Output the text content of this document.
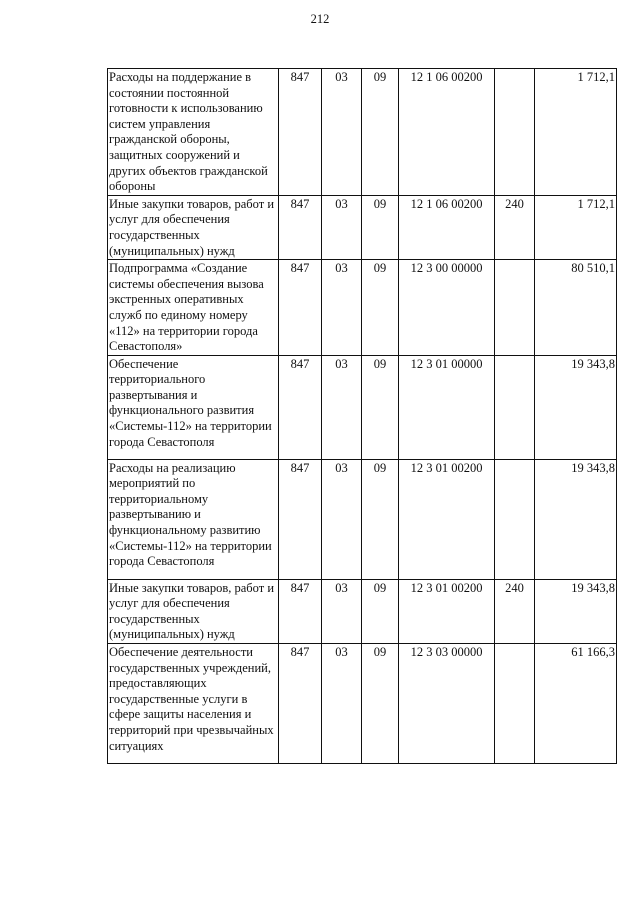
212
Расходы на поддержание в состоянии постоянной готовности к использованию систем управления гражданской обороны, защитных сооружений и других объектов гражданской обороны	847	03	09	12 1 06 00200		1 712,1

Иные закупки товаров, работ и услуг для обеспечения государственных (муниципальных) нужд	847	03	09	12 1 06 00200	240	1 712,1

Подпрограмма «Создание системы обеспечения вызова экстренных оперативных служб по единому номеру «112» на территории города Севастополя»	847	03	09	12 3 00 00000		80 510,1

Обеспечение территориального развертывания и функционального развития «Системы-112» на территории города Севастополя	847	03	09	12 3 01 00000		19 343,8

Расходы на реализацию мероприятий по территориальному развертыванию и функциональному развитию «Системы-112» на территории города Севастополя	847	03	09	12 3 01 00200		19 343,8

Иные закупки товаров, работ и услуг для обеспечения государственных (муниципальных) нужд	847	03	09	12 3 01 00200	240	19 343,8

Обеспечение деятельности государственных учреждений, предоставляющих государственные услуги в сфере защиты населения и территорий при чрезвычайных ситуациях	847	03	09	12 3 03 00000		61 166,3
